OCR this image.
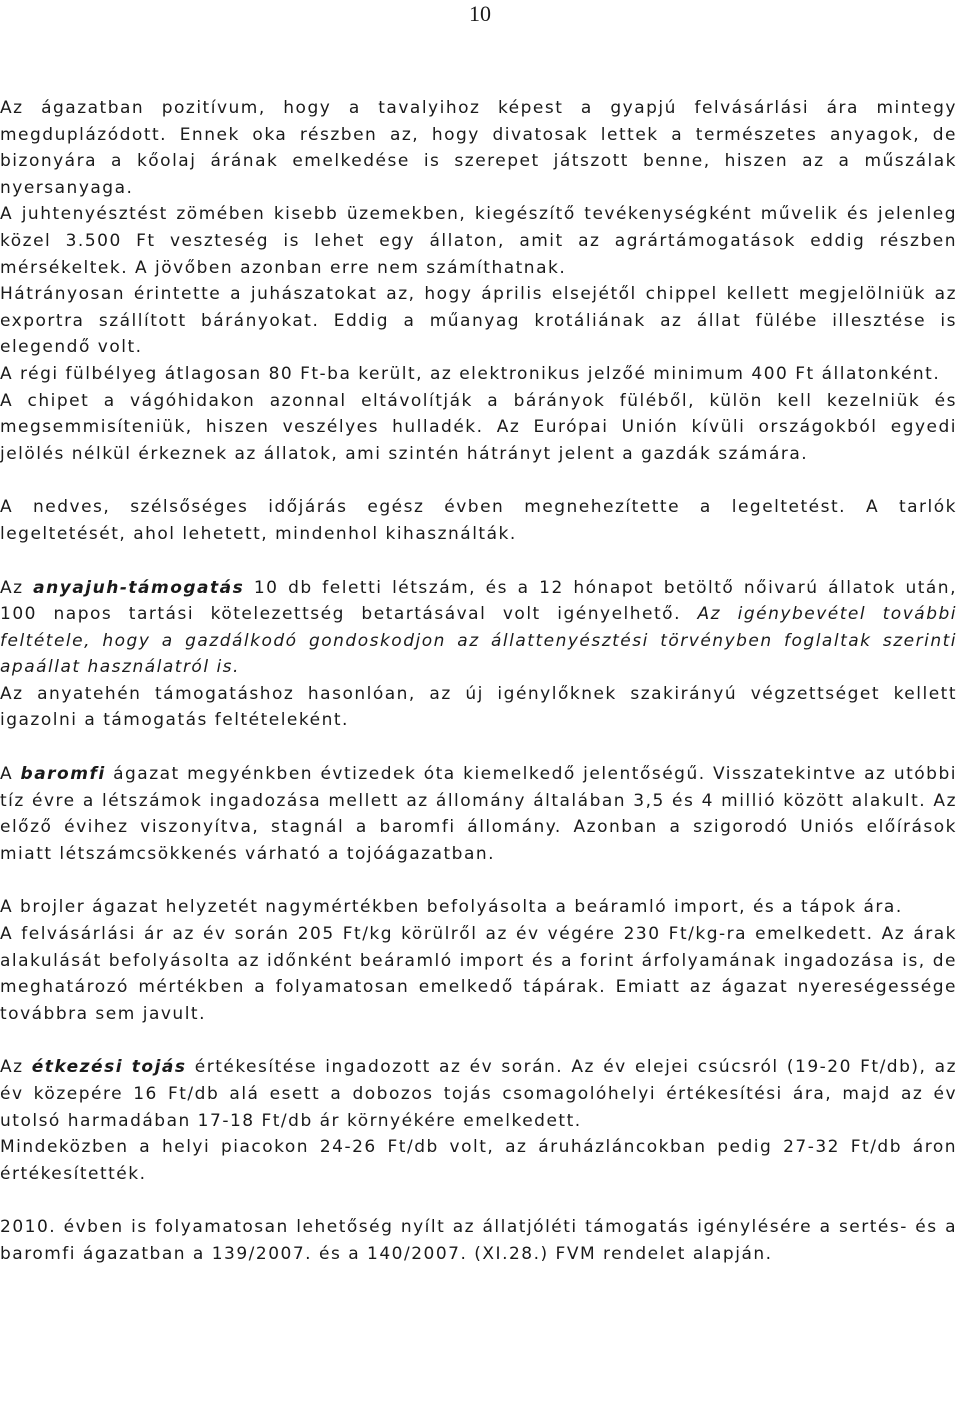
10

Az ágazatban pozitívum, hogy a tavalyihoz képest a gyapjú felvásárlási ára mintegy megduplázódott. Ennek oka részben az, hogy divatosak lettek a természetes anyagok, de bizonyára a kőolaj árának emelkedése is szerepet játszott benne, hiszen az a műszálak nyersanyaga.

A juhtenyésztést zömében kisebb üzemekben, kiegészítő tevékenységként művelik és jelenleg közel 3.500 Ft veszteség is lehet egy állaton, amit az agrártámogatások eddig részben mérsékeltek. A jövőben azonban erre nem számíthatnak.

Hátrányosan érintette a juhászatokat az, hogy április elsejétől chippel kellett megjelölniük az exportra szállított bárányokat. Eddig a műanyag krotáliának az állat fülébe illesztése is elegendő volt.

A régi fülbélyeg átlagosan 80 Ft-ba került, az elektronikus jelzőé minimum 400 Ft állatonként.

A chipet a vágóhidakon azonnal eltávolítják a bárányok füléből, külön kell kezelniük és megsemmisíteniük, hiszen veszélyes hulladék. Az Európai Unión kívüli országokból egyedi jelölés nélkül érkeznek az állatok, ami szintén hátrányt jelent a gazdák számára.

A nedves, szélsőséges időjárás egész évben megnehezítette a legeltetést. A tarlók legeltetését, ahol lehetett, mindenhol kihasználták.

Az anyajuh-támogatás 10 db feletti létszám, és a 12 hónapot betöltő nőivarú állatok után, 100 napos tartási kötelezettség betartásával volt igényelhető. Az igénybevétel további feltétele, hogy a gazdálkodó gondoskodjon az állattenyésztési törvényben foglaltak szerinti apaállat használatról is.

Az anyatehén támogatáshoz hasonlóan, az új igénylőknek szakirányú végzettséget kellett igazolni a támogatás feltételeként.

A baromfi ágazat megyénkben évtizedek óta kiemelkedő jelentőségű. Visszatekintve az utóbbi tíz évre a létszámok ingadozása mellett az állomány általában 3,5 és 4 millió között alakult. Az előző évihez viszonyítva, stagnál a baromfi állomány. Azonban a szigorodó Uniós előírások miatt létszámcsökkenés várható a tojóágazatban.

A brojler ágazat helyzetét nagymértékben befolyásolta a beáramló import, és a tápok ára.

A felvásárlási ár az év során 205 Ft/kg körülről az év végére 230 Ft/kg-ra emelkedett. Az árak alakulását befolyásolta az időnként beáramló import és a forint árfolyamának ingadozása is, de meghatározó mértékben a folyamatosan emelkedő tápárak. Emiatt az ágazat nyereségessége továbbra sem javult.

Az étkezési tojás értékesítése ingadozott az év során. Az év elejei csúcsról (19-20 Ft/db), az év közepére 16 Ft/db alá esett a dobozos tojás csomagolóhelyi értékesítési ára, majd az év utolsó harmadában 17-18 Ft/db ár környékére emelkedett.

Mindeközben a helyi piacokon 24-26 Ft/db volt, az áruházláncokban pedig 27-32 Ft/db áron értékesítették.

2010. évben is folyamatosan lehetőség nyílt az állatjóléti támogatás igénylésére a sertés- és a baromfi ágazatban a 139/2007. és a 140/2007. (XI.28.) FVM rendelet alapján.
